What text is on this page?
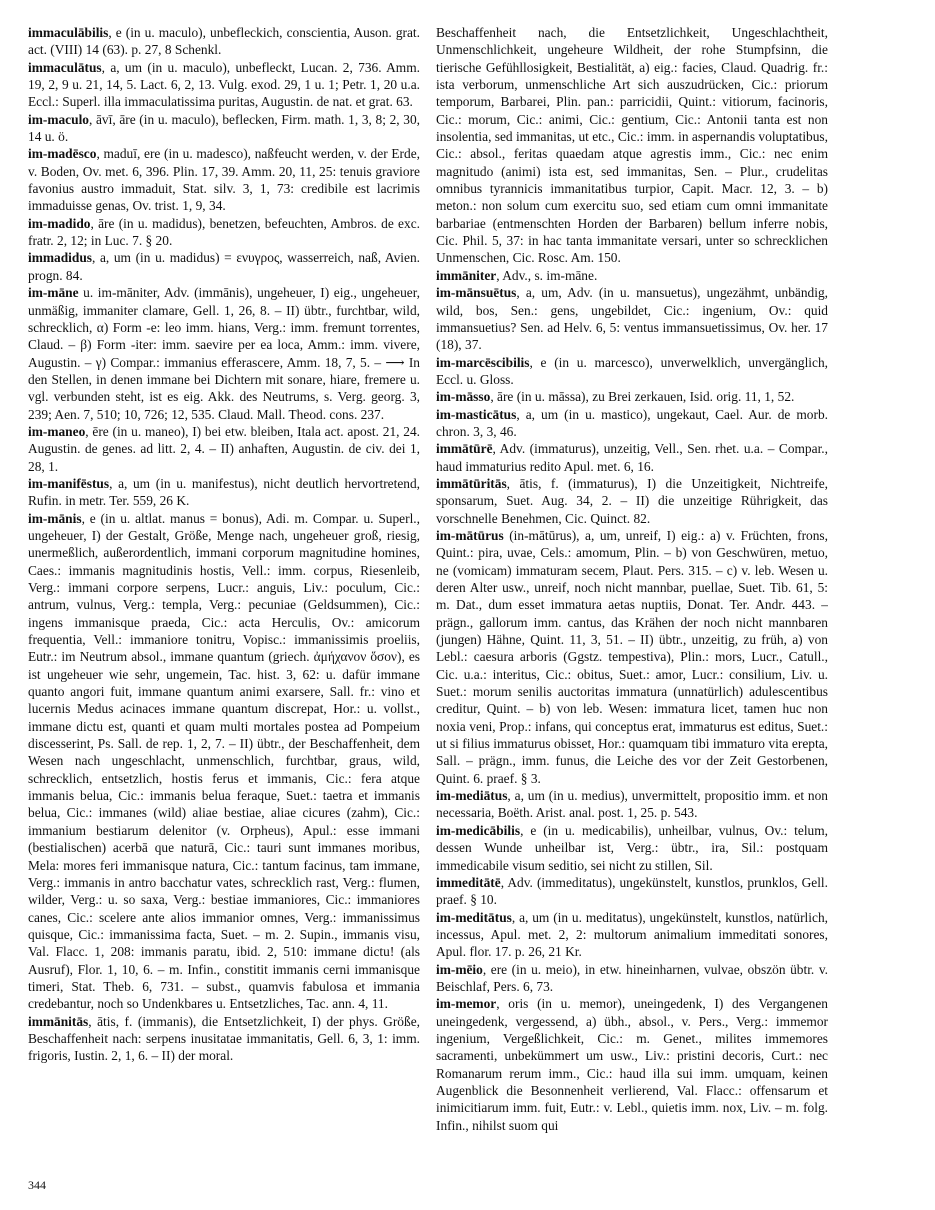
immaculābilis, e (in u. maculo), unbefleckich, conscientia, Auson. grat. act. (VIII) 14 (63). p. 27, 8 Schenkl.

immaculātus, a, um (in u. maculo), unbefleckt, Lucan. 2, 736. Amm. 19, 2, 9 u. 21, 14, 5. Lact. 6, 2, 13. Vulg. exod. 29, 1 u. 1; Petr. 1, 20 u.a. Eccl.: Superl. illa immaculatissima puritas, Augustin. de nat. et grat. 63.

im-maculo, āvī, āre (in u. maculo), beflecken, Firm. math. 1, 3, 8; 2, 30, 14 u. ö.

im-madēsco, maduī, ere (in u. madesco), naßfeucht werden, v. der Erde, v. Boden, Ov. met. 6, 396. Plin. 17, 39. Amm. 20, 11, 25: tenuis graviore favonius austro immaduit, Stat. silv. 3, 1, 73: credibile est lacrimis immaduisse genas, Ov. trist. 1, 9, 34.

im-madido, āre (in u. madidus), benetzen, befeuchten, Ambros. de exc. fratr. 2, 12; in Luc. 7. § 20.

immadidus, a, um (in u. madidus) = ενυγρος, wasserreich, naß, Avien. progn. 84.

im-māne u. im-māniter, Adv. (immānis), ungeheuer, I) eig., ungeheuer, unmäßig, immaniter clamare, Gell. 1, 26, 8. – II) übtr., furchtbar, wild, schrecklich, α) Form -e: leo imm. hians, Verg.: imm. fremunt torrentes, Claud. – β) Form -iter: imm. saevire per ea loca, Amm.: imm. vivere, Augustin. – γ) Compar.: immanius efferascere, Amm. 18, 7, 5. – ⟶ In den Stellen, in denen immane bei Dichtern mit sonare, hiare, fremere u. vgl. verbunden steht, ist es eig. Akk. des Neutrums, s. Verg. georg. 3, 239; Aen. 7, 510; 10, 726; 12, 535. Claud. Mall. Theod. cons. 237.

im-maneo, ēre (in u. maneo), I) bei etw. bleiben, Itala act. apost. 21, 24. Augustin. de genes. ad litt. 2, 4. – II) anhaften, Augustin. de civ. dei 1, 28, 1.

im-manifēstus, a, um (in u. manifestus), nicht deutlich hervortretend, Rufin. in metr. Ter. 559, 26 K.

im-mānis, e (in u. altlat. manus = bonus), Adi. m. Compar. u. Superl., ungeheuer, I) der Gestalt, Größe, Menge nach, ungeheuer groß, riesig, unermeßlich, außerordentlich, immani corporum magnitudine homines, Caes.: immanis magnitudinis hostis, Vell.: imm. corpus, Riesenleib, Verg.: immani corpore serpens, Lucr.: anguis, Liv.: poculum, Cic.: antrum, vulnus, Verg.: templa, Verg.: pecuniae (Geldsummen), Cic.: ingens immanisque praeda, Cic.: acta Herculis, Ov.: amicorum frequentia, Vell.: immaniore tonitru, Vopisc.: immanissimis proeliis, Eutr.: im Neutrum absol., immane quantum (griech. ἀμήχανον ὅσον), es ist ungeheuer wie sehr, ungemein, Tac. hist. 3, 62: u. dafür immane quanto angori fuit, immane quantum animi exarsere, Sall. fr.: vino et lucernis Medus acinaces immane quantum discrepat, Hor.: u. vollst., immane dictu est, quanti et quam multi mortales postea ad Pompeium discesserint, Ps. Sall. de rep. 1, 2, 7. – II) übtr., der Beschaffenheit, dem Wesen nach ungeschlacht, unmenschlich, furchtbar, graus, wild, schrecklich, entsetzlich, hostis ferus et immanis, Cic.: fera atque immanis belua, Cic.: immanis belua feraque, Suet.: taetra et immanis belua, Cic.: immanes (wild) aliae bestiae, aliae cicures (zahm), Cic.: immanium bestiarum delenitor (v. Orpheus), Apul.: esse immani (bestialischen) acerbā que naturā, Cic.: tauri sunt immanes moribus, Mela: mores feri immanisque natura, Cic.: tantum facinus, tam immane, Verg.: immanis in antro bacchatur vates, schrecklich rast, Verg.: flumen, wilder, Verg.: u. so saxa, Verg.: bestiae immaniores, Cic.: immaniores canes, Cic.: scelere ante alios immanior omnes, Verg.: immanissimus quisque, Cic.: immanissima facta, Suet. – m. 2. Supin., immanis visu, Val. Flacc. 1, 208: immanis paratu, ibid. 2, 510: immane dictu! (als Ausruf), Flor. 1, 10, 6. – m. Infin., constitit immanis cerni immanisque timeri, Stat. Theb. 6, 731. – subst., quamvis fabulosa et immania credebantur, noch so Undenkbares u. Entsetzliches, Tac. ann. 4, 11.

immānitās, ātis, f. (immanis), die Entsetzlichkeit, I) der phys. Größe, Beschaffenheit nach: serpens inusitatae immanitatis, Gell. 6, 3, 1: imm. frigoris, Iustin. 2, 1, 6. – II) der moral.

Beschaffenheit nach, die Entsetzlichkeit, Ungeschlachtheit, Unmenschlichkeit, ungeheure Wildheit, der rohe Stumpfsinn, die tierische Gefühllosigkeit, Bestialität, a) eig.: facies, Claud. Quadrig. fr.: ista verborum, unmenschliche Art sich auszudrücken, Cic.: priorum temporum, Barbarei, Plin. pan.: parricidii, Quint.: vitiorum, facinoris, Cic.: morum, Cic.: animi, Cic.: gentium, Cic.: Antonii tanta est non insolentia, sed immanitas, ut etc., Cic.: imm. in aspernandis voluptatibus, Cic.: absol., feritas quaedam atque agrestis imm., Cic.: nec enim magnitudo (animi) ista est, sed immanitas, Sen. – Plur., crudelitas omnibus tyrannicis immanitatibus turpior, Capit. Macr. 12, 3. – b) meton.: non solum cum exercitu suo, sed etiam cum omni immanitate barbariae (entmenschten Horden der Barbaren) bellum inferre nobis, Cic. Phil. 5, 37: in hac tanta immanitate versari, unter so schrecklichen Unmenschen, Cic. Rosc. Am. 150.

immāniter, Adv., s. im-māne.

im-mānsuētus, a, um, Adv. (in u. mansuetus), ungezähmt, unbändig, wild, bos, Sen.: gens, ungebildet, Cic.: ingenium, Ov.: quid immansuetius? Sen. ad Helv. 6, 5: ventus immansuetissimus, Ov. her. 17 (18), 37.

im-marcēscibilis, e (in u. marcesco), unverwelklich, unvergänglich, Eccl. u. Gloss.

im-māsso, āre (in u. māssa), zu Brei zerkauen, Isid. orig. 11, 1, 52.

im-masticātus, a, um (in u. mastico), ungekaut, Cael. Aur. de morb. chron. 3, 3, 46.

immātūrē, Adv. (immaturus), unzeitig, Vell., Sen. rhet. u.a. – Compar., haud immaturius redito Apul. met. 6, 16.

immātūritās, ātis, f. (immaturus), I) die Unzeitigkeit, Nichtreife, sponsarum, Suet. Aug. 34, 2. – II) die unzeitige Rührigkeit, das vorschnelle Benehmen, Cic. Quinct. 82.

im-mātūrus (in-mātūrus), a, um, unreif, I) eig.: a) v. Früchten, frons, Quint.: pira, uvae, Cels.: amomum, Plin. – b) von Geschwüren, metuo, ne (vomicam) immaturam secem, Plaut. Pers. 315. – c) v. leb. Wesen u. deren Alter usw., unreif, noch nicht mannbar, puellae, Suet. Tib. 61, 5: m. Dat., dum esset immatura aetas nuptiis, Donat. Ter. Andr. 443. – prägn., gallorum imm. cantus, das Krähen der noch nicht mannbaren (jungen) Hähne, Quint. 11, 3, 51. – II) übtr., unzeitig, zu früh, a) von Lebl.: caesura arboris (Ggstz. tempestiva), Plin.: mors, Lucr., Catull., Cic. u.a.: interitus, Cic.: obitus, Suet.: amor, Lucr.: consilium, Liv. u. Suet.: morum senilis auctoritas immatura (unnatürlich) adulescentibus creditur, Quint. – b) von leb. Wesen: immatura licet, tamen huc non noxia veni, Prop.: infans, qui conceptus erat, immaturus est editus, Suet.: ut si filius immaturus obisset, Hor.: quamquam tibi immaturo vita erepta, Sall. – prägn., imm. funus, die Leiche des vor der Zeit Gestorbenen, Quint. 6. praef. § 3.

im-mediātus, a, um (in u. medius), unvermittelt, propositio imm. et non necessaria, Boëth. Arist. anal. post. 1, 25. p. 543.

im-medicābilis, e (in u. medicabilis), unheilbar, vulnus, Ov.: telum, dessen Wunde unheilbar ist, Verg.: übtr., ira, Sil.: postquam immedicabile visum seditio, sei nicht zu stillen, Sil.

immeditātē, Adv. (immeditatus), ungekünstelt, kunstlos, prunklos, Gell. praef. § 10.

im-meditātus, a, um (in u. meditatus), ungekünstelt, kunstlos, natürlich, incessus, Apul. met. 2, 2: multorum animalium immeditati sonores, Apul. flor. 17. p. 26, 21 Kr.

im-mēio, ere (in u. meio), in etw. hineinharnen, vulvae, obszön übtr. v. Beischlaf, Pers. 6, 73.

im-memor, oris (in u. memor), uneingedenk, I) des Vergangenen uneingedenk, vergessend, a) übh., absol., v. Pers., Verg.: immemor ingenium, Vergeßlichkeit, Cic.: m. Genet., milites immemores sacramenti, unbekümmert um usw., Liv.: pristini decoris, Curt.: nec Romanarum rerum imm., Cic.: haud illa sui imm. umquam, keinen Augenblick die Besonnenheit verlierend, Val. Flacc.: offensarum et inimicitiarum imm. fuit, Eutr.: v. Lebl., quietis imm. nox, Liv. – m. folg. Infin., nihilst suom qui

344
